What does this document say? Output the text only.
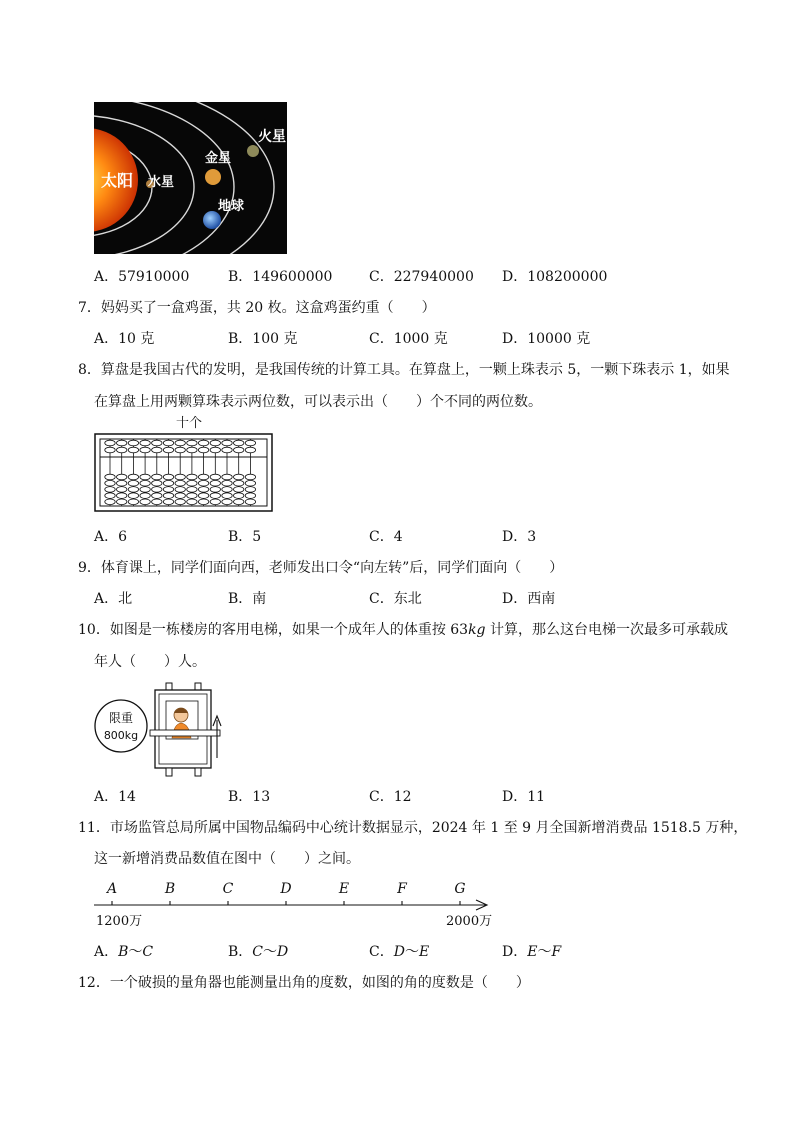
太阳 水星
金星
地球
火星
A．57910000	B．149600000	C．227940000 D．108200000
7．妈妈买了一盒鸡蛋，共 20 枚。这盒鸡蛋约重（　　）
A．10 克	B．100 克	C．1000 克	D．10000 克
8．算盘是我国古代的发明，是我国传统的计算工具。在算盘上，一颗上珠表示 5，一颗下珠表示 1，如果
在算盘上用两颗算珠表示两位数，可以表示出（　　）个不同的两位数。
十个
A．6	B．5	C．4	D．3
9．体育课上，同学们面向西，老师发出口令“向左转”后，同学们面向（　　）
A．北	B．南	C．东北	D．西南
10．如图是一栋楼房的客用电梯，如果一个成年人的体重按 63kg 计算，那么这台电梯一次最多可承载成
年人（　　）人。
限重
800kg
A．14	B．13	C．12	D．11
11．市场监管总局所属中国物品编码中心统计数据显示，2024 年 1 至 9 月全国新增消费品 1518.5 万种，
这一新增消费品数值在图中（　　）之间。
A	B	C	D	E	F	G
1200万	2000万
A．B～C	B．C～D	C．D～E	D．E～F
12．一个破损的量角器也能测量出角的度数，如图的角的度数是（　　）
